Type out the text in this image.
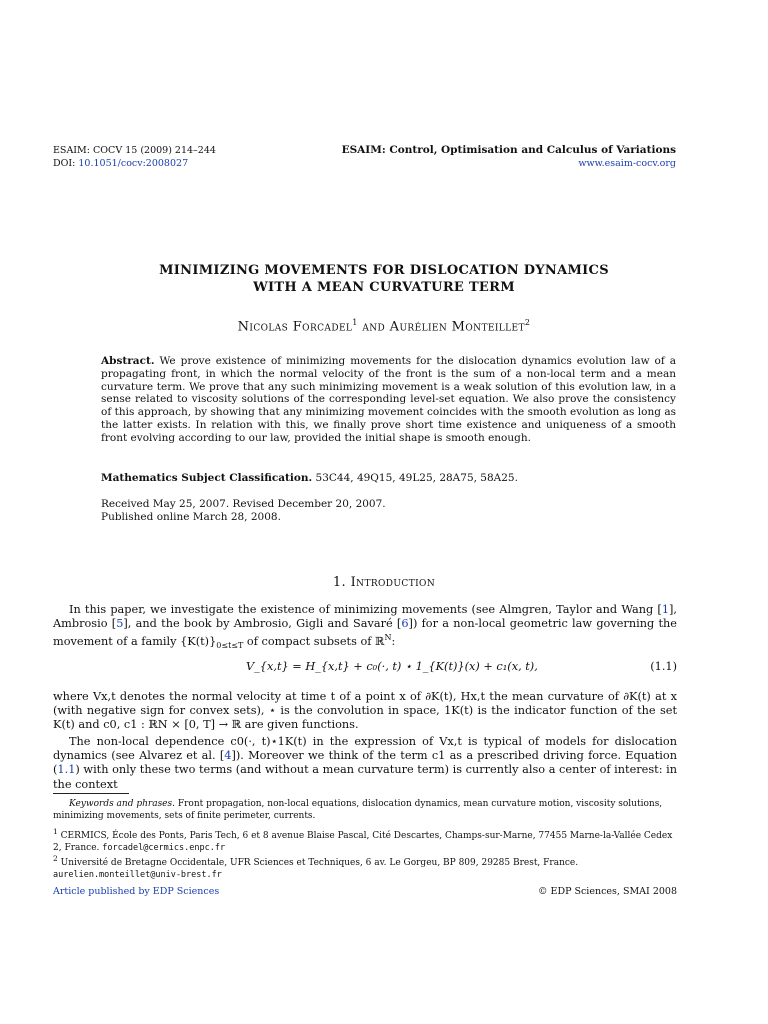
ESAIM: COCV 15 (2009) 214–244
DOI: 10.1051/cocv:2008027
ESAIM: Control, Optimisation and Calculus of Variations
www.esaim-cocv.org
MINIMIZING MOVEMENTS FOR DISLOCATION DYNAMICS
WITH A MEAN CURVATURE TERM
Nicolas Forcadel$^1$ and Aurélien Monteillet$^2$
Abstract. We prove existence of minimizing movements for the dislocation dynamics evolution law of a propagating front, in which the normal velocity of the front is the sum of a non-local term and a mean curvature term. We prove that any such minimizing movement is a weak solution of this evolution law, in a sense related to viscosity solutions of the corresponding level-set equation. We also prove the consistency of this approach, by showing that any minimizing movement coincides with the smooth evolution as long as the latter exists. In relation with this, we finally prove short time existence and uniqueness of a smooth front evolving according to our law, provided the initial shape is smooth enough.
Mathematics Subject Classification. 53C44, 49Q15, 49L25, 28A75, 58A25.
Received May 25, 2007. Revised December 20, 2007.
Published online March 28, 2008.
1. Introduction
In this paper, we investigate the existence of minimizing movements (see Almgren, Taylor and Wang [1], Ambrosio [5], and the book by Ambrosio, Gigli and Savaré [6]) for a non-local geometric law governing the movement of a family $\{K(t)\}_{0\le t\le T}$ of compact subsets of ℝ$^N$:
V_{x,t} = H_{x,t} + c₀(·, t) ⋆ 1_{K(t)}(x) + c₁(x, t),	(1.1)
where Vx,t denotes the normal velocity at time t of a point x of ∂K(t), Hx,t the mean curvature of ∂K(t) at x (with negative sign for convex sets), ⋆ is the convolution in space, 1K(t) is the indicator function of the set K(t) and c0, c1 : ℝN × [0, T] → ℝ are given functions.
The non-local dependence c0(·, t)⋆1K(t) in the expression of Vx,t is typical of models for dislocation dynamics (see Alvarez et al. [4]). Moreover we think of the term c1 as a prescribed driving force. Equation (1.1) with only these two terms (and without a mean curvature term) is currently also a center of interest: in the context
Keywords and phrases. Front propagation, non-local equations, dislocation dynamics, mean curvature motion, viscosity solutions, minimizing movements, sets of finite perimeter, currents.
$^1$ CERMICS, École des Ponts, Paris Tech, 6 et 8 avenue Blaise Pascal, Cité Descartes, Champs-sur-Marne, 77455 Marne-la-Vallée Cedex 2, France. forcadel@cermics.enpc.fr
$^2$ Université de Bretagne Occidentale, UFR Sciences et Techniques, 6 av. Le Gorgeu, BP 809, 29285 Brest, France.
aurelien.monteillet@univ-brest.fr
Article published by EDP Sciences	© EDP Sciences, SMAI 2008
